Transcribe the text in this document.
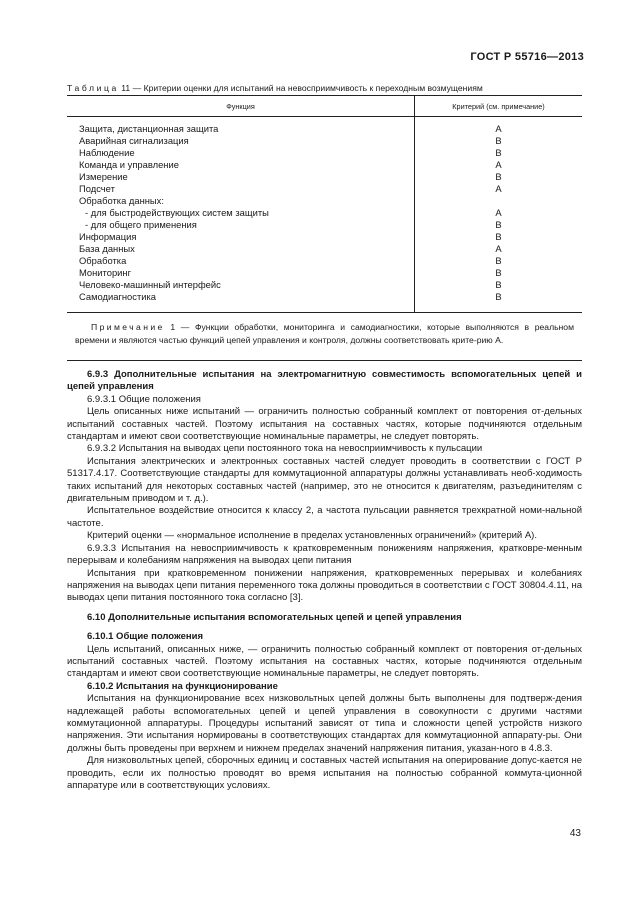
ГОСТ Р 55716—2013
Таблица 11 — Критерии оценки для испытаний на невосприимчивость к переходным возмущениям
Функция	Критерий (см. примечание)
Защита, дистанционная защита	A
Аварийная сигнализация	B
Наблюдение	B
Команда и управление	A
Измерение	B
Подсчет	A
Обработка данных:	
- для быстродействующих систем защиты	A
- для общего применения	B
Информация	B
База данных	A
Обработка	B
Мониторинг	B
Человеко-машинный интерфейс	B
Самодиагностика	B
Примечание 1 — Функции обработки, мониторинга и самодиагностики, которые выполняются в реальном времени и являются частью функций цепей управления и контроля, должны соответствовать крите-рию А.	

6.9.3 Дополнительные испытания на электромагнитную совместимость вспомогательных цепей и цепей управления

6.9.3.1 Общие положения

Цель описанных ниже испытаний — ограничить полностью собранный комплект от повторения от-дельных испытаний составных частей. Поэтому испытания на составных частях, которые подчиняются отдельным стандартам и имеют свои соответствующие номинальные параметры, не следует повторять.

6.9.3.2 Испытания на выводах цепи постоянного тока на невосприимчивость к пульсации

Испытания электрических и электронных составных частей следует проводить в соответствии с ГОСТ Р 51317.4.17. Соответствующие стандарты для коммутационной аппаратуры должны устанавливать необ-ходимость таких испытаний для некоторых составных частей (например, это не относится к двигателям, разъединителям с двигательным приводом и т. д.).

Испытательное воздействие относится к классу 2, а частота пульсации равняется трехкратной номи-нальной частоте.

Критерий оценки — «нормальное исполнение в пределах установленных ограничений» (критерий А).

6.9.3.3 Испытания на невосприимчивость к кратковременным понижениям напряжения, кратковре-менным перерывам и колебаниям напряжения на выводах цепи питания

Испытания при кратковременном понижении напряжения, кратковременных перерывах и колебаниях напряжения на выводах цепи питания переменного тока должны проводиться в соответствии с ГОСТ 30804.4.11, на выводах цепи питания постоянного тока согласно [3].

6.10 Дополнительные испытания вспомогательных цепей и цепей управления

6.10.1 Общие положения

Цель испытаний, описанных ниже, — ограничить полностью собранный комплект от повторения от-дельных испытаний составных частей. Поэтому испытания на составных частях, которые подчиняются отдельным стандартам и имеют свои соответствующие номинальные параметры, не следует повторять.

6.10.2 Испытания на функционирование

Испытания на функционирование всех низковольтных цепей должны быть выполнены для подтверж-дения надлежащей работы вспомогательных цепей и цепей управления в совокупности с другими частями коммутационной аппаратуры. Процедуры испытаний зависят от типа и сложности цепей устройств низкого напряжения. Эти испытания нормированы в соответствующих стандартах для коммутационной аппарату-ры. Они должны быть проведены при верхнем и нижнем пределах значений напряжения питания, указан-ного в 4.8.3.

Для низковольтных цепей, сборочных единиц и составных частей испытания на оперирование допус-кается не проводить, если их полностью проводят во время испытания на полностью собранной коммута-ционной аппаратуре или в соответствующих условиях.

43
